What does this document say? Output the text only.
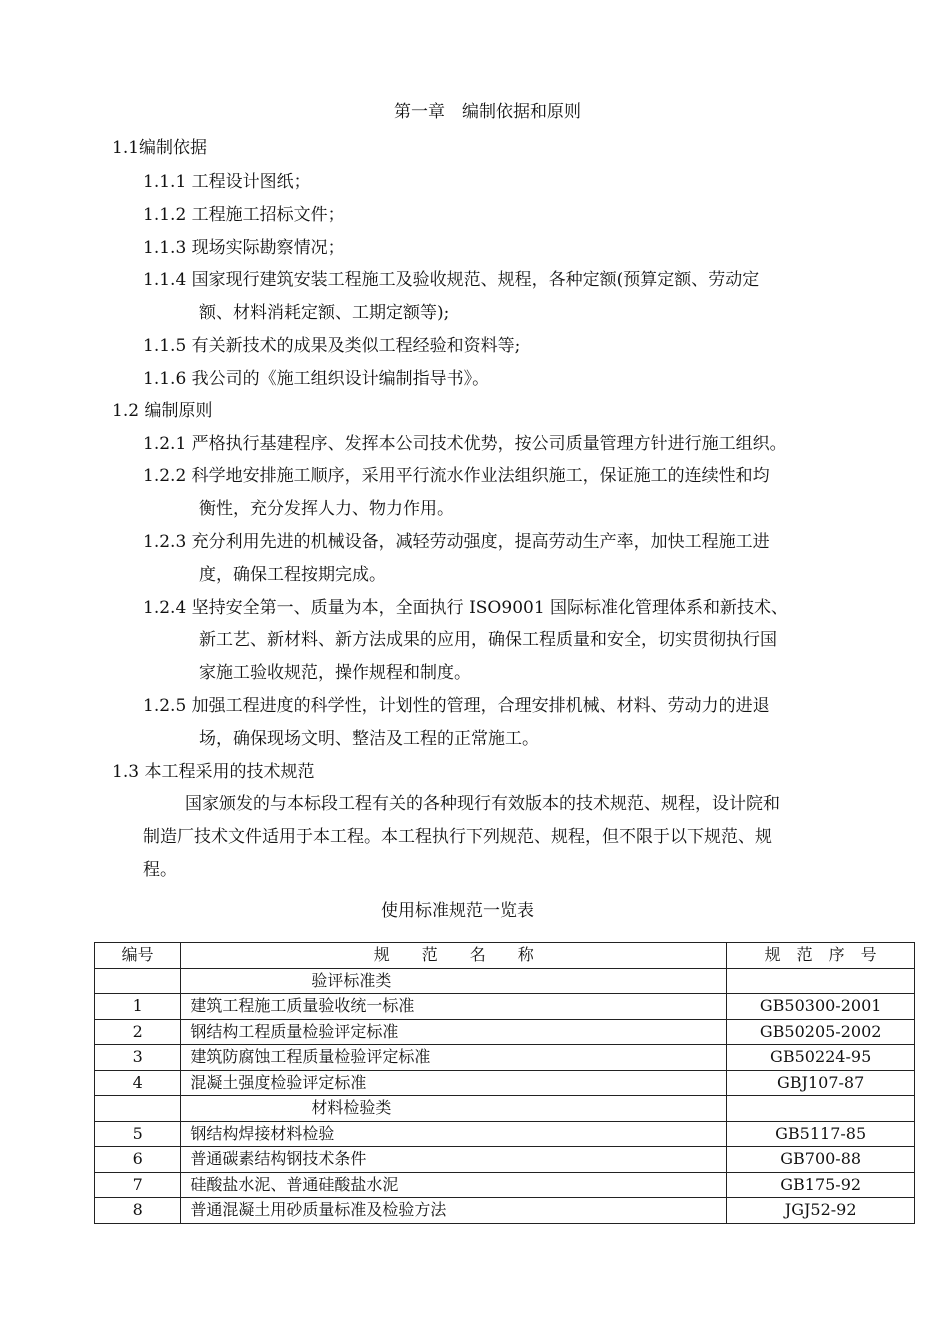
第一章　编制依据和原则
1.1编制依据
1.1.1 工程设计图纸；
1.1.2 工程施工招标文件；
1.1.3 现场实际勘察情况；
1.1.4 国家现行建筑安装工程施工及验收规范、规程，各种定额(预算定额、劳动定
额、材料消耗定额、工期定额等);
1.1.5 有关新技术的成果及类似工程经验和资料等;
1.1.6 我公司的《施工组织设计编制指导书》。
1.2 编制原则
1.2.1 严格执行基建程序、发挥本公司技术优势，按公司质量管理方针进行施工组织。
1.2.2 科学地安排施工顺序，采用平行流水作业法组织施工，保证施工的连续性和均
衡性，充分发挥人力、物力作用。
1.2.3 充分利用先进的机械设备，减轻劳动强度，提高劳动生产率，加快工程施工进
度，确保工程按期完成。
1.2.4 坚持安全第一、质量为本，全面执行 ISO9001 国际标准化管理体系和新技术、
新工艺、新材料、新方法成果的应用，确保工程质量和安全，切实贯彻执行国
家施工验收规范，操作规程和制度。
1.2.5 加强工程进度的科学性，计划性的管理，合理安排机械、材料、劳动力的进退
场，确保现场文明、整洁及工程的正常施工。
1.3 本工程采用的技术规范
　国家颁发的与本标段工程有关的各种现行有效版本的技术规范、规程，设计院和
制造厂技术文件适用于本工程。本工程执行下列规范、规程，但不限于以下规范、规
程。
使用标准规范一览表
编号	规　　范　　名　　称	规　范　序　号
	验评标准类	
1	建筑工程施工质量验收统一标准	GB50300-2001
2	钢结构工程质量检验评定标准	GB50205-2002
3	建筑防腐蚀工程质量检验评定标准	GB50224-95
4	混凝土强度检验评定标准	GBJ107-87
	材料检验类	
5	钢结构焊接材料检验	GB5117-85
6	普通碳素结构钢技术条件	GB700-88
7	硅酸盐水泥、普通硅酸盐水泥	GB175-92
8	普通混凝土用砂质量标准及检验方法	JGJ52-92
